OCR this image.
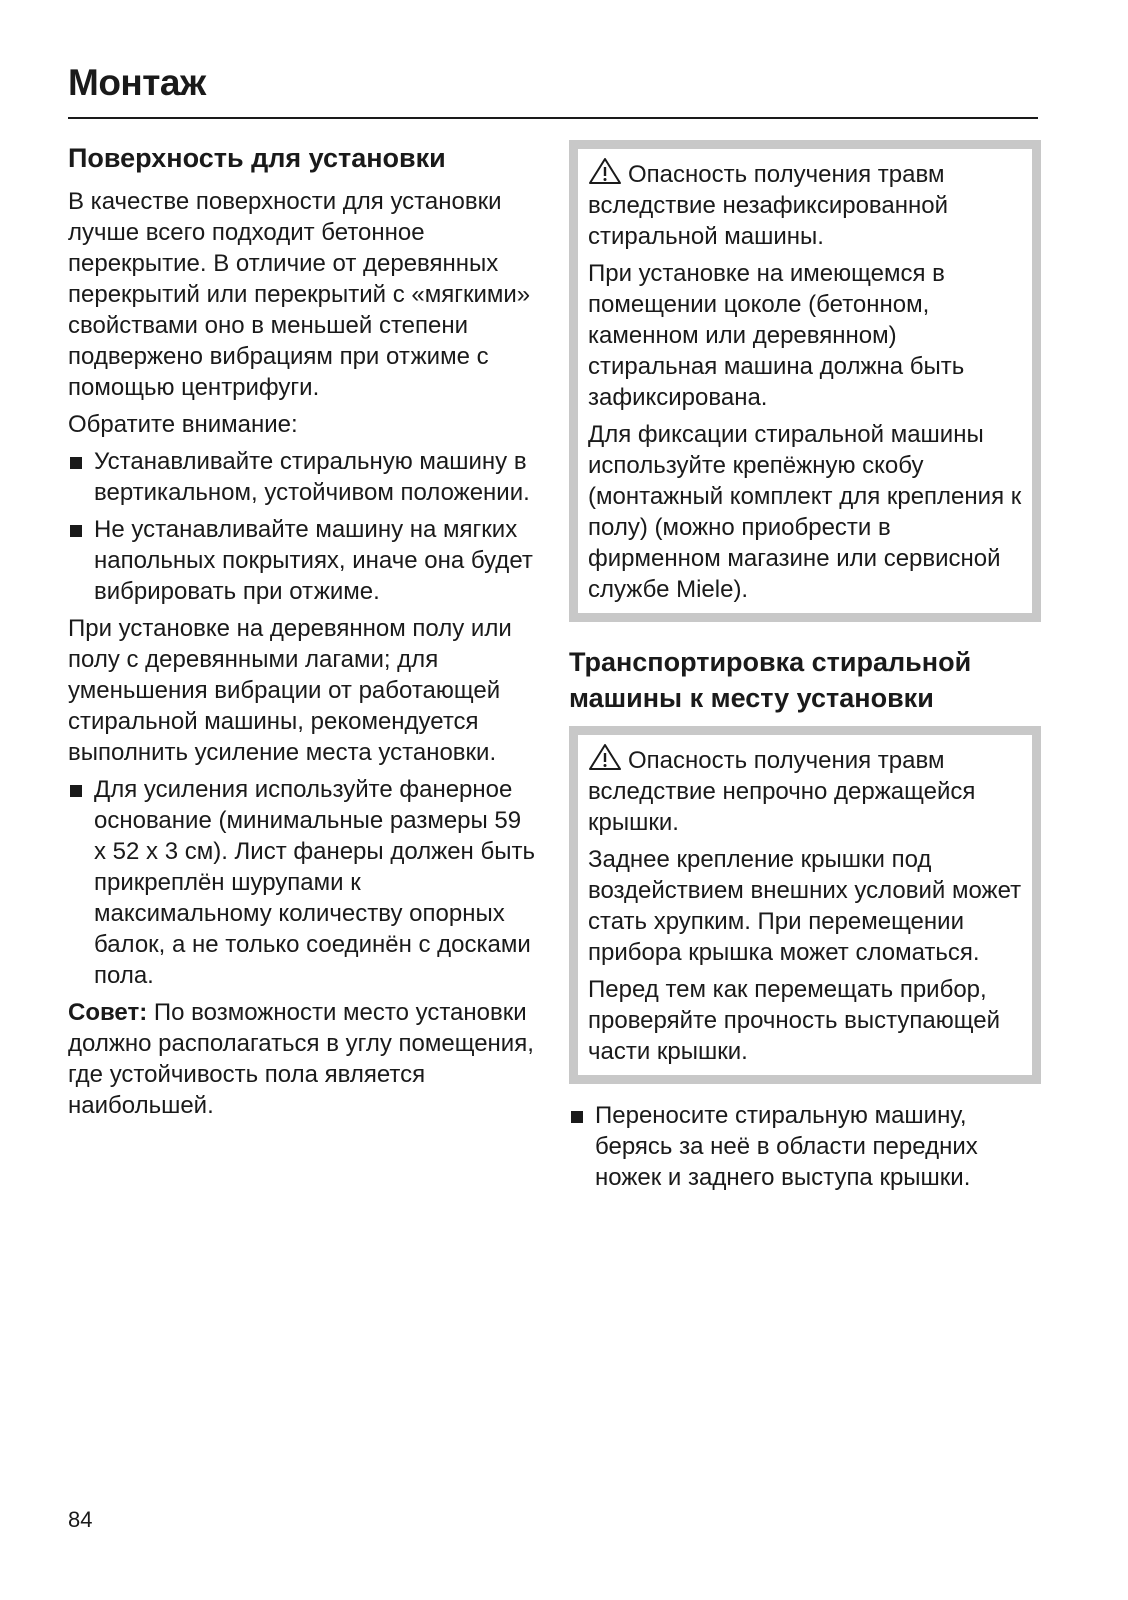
Монтаж
Поверхность для установки

В качестве поверхности для установки лучше всего подходит бетонное перекрытие. В отличие от деревянных перекрытий или перекрытий с «мягкими» свойствами оно в меньшей степени подвержено вибрациям при отжиме с помощью центрифуги.

Обратите внимание:

Устанавливайте стиральную машину в вертикальном, устойчивом положении.
Не устанавливайте машину на мягких напольных покрытиях, иначе она будет вибрировать при отжиме.

При установке на деревянном полу или полу с деревянными лагами; для уменьшения вибрации от работающей стиральной машины, рекомендуется выполнить усиление места установки.

Для усиления используйте фанерное основание (минимальные размеры 59 x 52 x 3 см). Лист фанеры должен быть прикреплён шурупами к максимальному количеству опорных балок, а не только соединён с досками пола.

Совет: По возможности место установки должно располагаться в углу помещения, где устойчивость пола является наибольшей.

Опасность получения травм вследствие незафиксированной стиральной машины.

При установке на имеющемся в помещении цоколе (бетонном, каменном или деревянном) стиральная машина должна быть зафиксирована.

Для фиксации стиральной машины используйте крепёжную скобу (монтажный комплект для крепления к полу) (можно приобрести в фирменном магазине или сервисной службе Miele).

Транспортировка стиральной машины к месту установки

Опасность получения травм вследствие непрочно держащейся крышки.

Заднее крепление крышки под воздействием внешних условий может стать хрупким. При перемещении прибора крышка может сломаться.

Перед тем как перемещать прибор, проверяйте прочность выступающей части крышки.

Переносите стиральную машину, берясь за неё в области передних ножек и заднего выступа крышки.

84
